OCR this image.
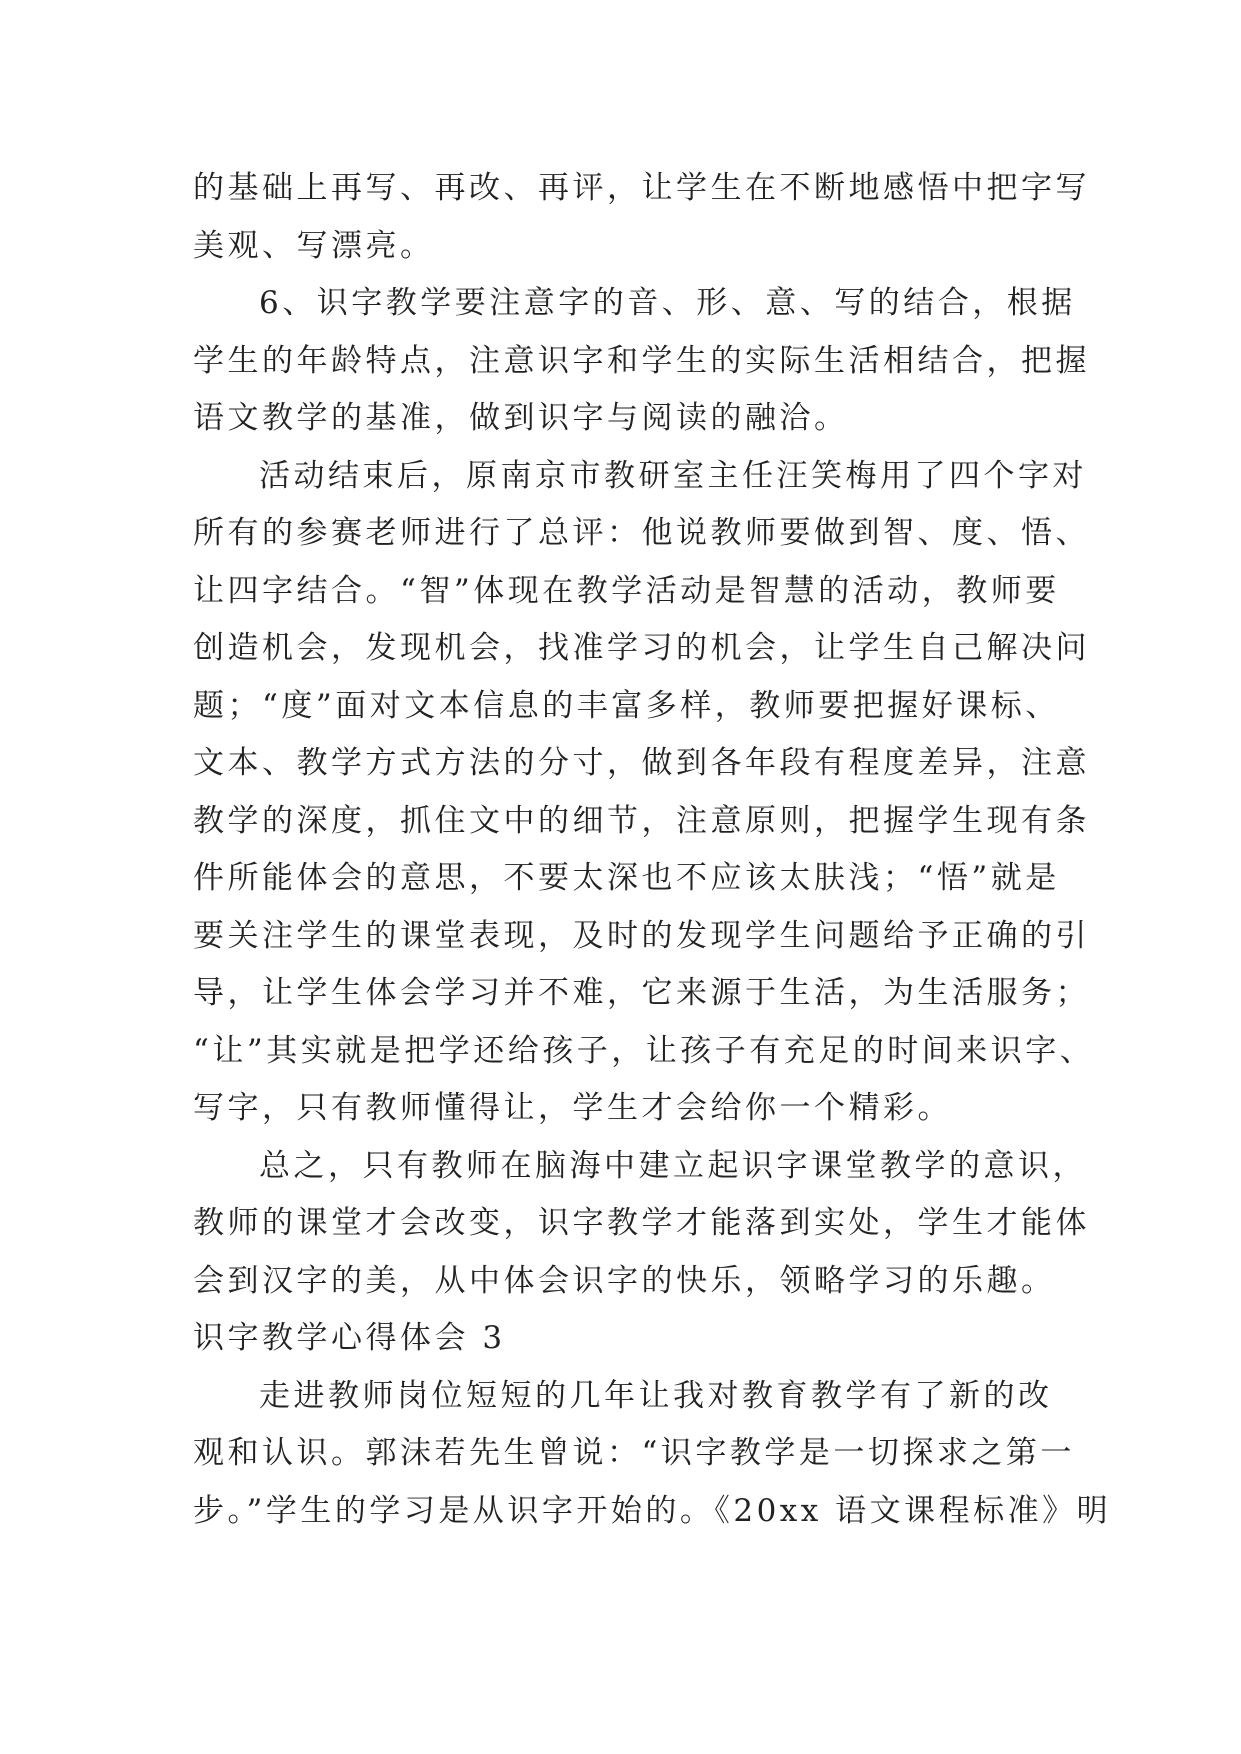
的基础上再写、再改、再评，让学生在不断地感悟中把字写
美观、写漂亮。
6、识字教学要注意字的音、形、意、写的结合，根据
学生的年龄特点，注意识字和学生的实际生活相结合，把握
语文教学的基准，做到识字与阅读的融洽。
活动结束后，原南京市教研室主任汪笑梅用了四个字对
所有的参赛老师进行了总评：他说教师要做到智、度、悟、
让四字结合。“智”体现在教学活动是智慧的活动，教师要
创造机会，发现机会，找准学习的机会，让学生自己解决问
题；“度”面对文本信息的丰富多样，教师要把握好课标、
文本、教学方式方法的分寸，做到各年段有程度差异，注意
教学的深度，抓住文中的细节，注意原则，把握学生现有条
件所能体会的意思，不要太深也不应该太肤浅；“悟”就是
要关注学生的课堂表现，及时的发现学生问题给予正确的引
导，让学生体会学习并不难，它来源于生活，为生活服务；
“让”其实就是把学还给孩子，让孩子有充足的时间来识字、
写字，只有教师懂得让，学生才会给你一个精彩。
总之，只有教师在脑海中建立起识字课堂教学的意识，
教师的课堂才会改变，识字教学才能落到实处，学生才能体
会到汉字的美，从中体会识字的快乐，领略学习的乐趣。
识字教学心得体会 3
走进教师岗位短短的几年让我对教育教学有了新的改
观和认识。郭沫若先生曾说：“识字教学是一切探求之第一
步。”学生的学习是从识字开始的。《20xx 语文课程标准》明
